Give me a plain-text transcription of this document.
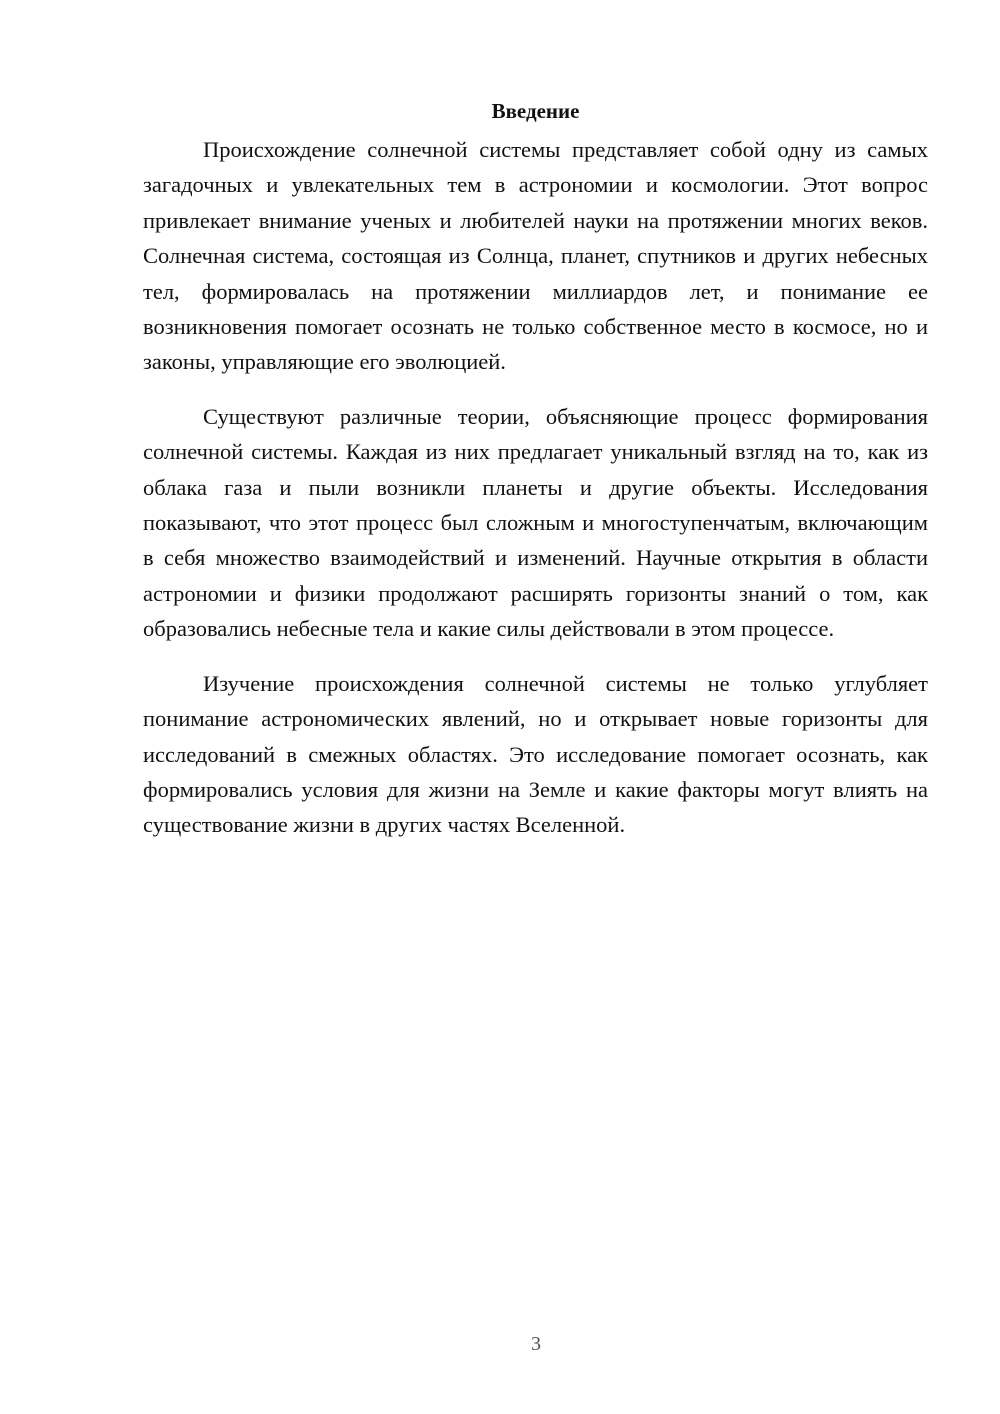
Введение

Происхождение солнечной системы представляет собой одну из самых загадочных и увлекательных тем в астрономии и космологии. Этот вопрос привлекает внимание ученых и любителей науки на протяжении многих веков. Солнечная система, состоящая из Солнца, планет, спутников и других небесных тел, формировалась на протяжении миллиардов лет, и понимание ее возникновения помогает осознать не только собственное место в космосе, но и законы, управляющие его эволюцией.

Существуют различные теории, объясняющие процесс формирования солнечной системы. Каждая из них предлагает уникальный взгляд на то, как из облака газа и пыли возникли планеты и другие объекты. Исследования показывают, что этот процесс был сложным и многоступенчатым, включающим в себя множество взаимодействий и изменений. Научные открытия в области астрономии и физики продолжают расширять горизонты знаний о том, как образовались небесные тела и какие силы действовали в этом процессе.

Изучение происхождения солнечной системы не только углубляет понимание астрономических явлений, но и открывает новые горизонты для исследований в смежных областях. Это исследование помогает осознать, как формировались условия для жизни на Земле и какие факторы могут влиять на существование жизни в других частях Вселенной.

3
